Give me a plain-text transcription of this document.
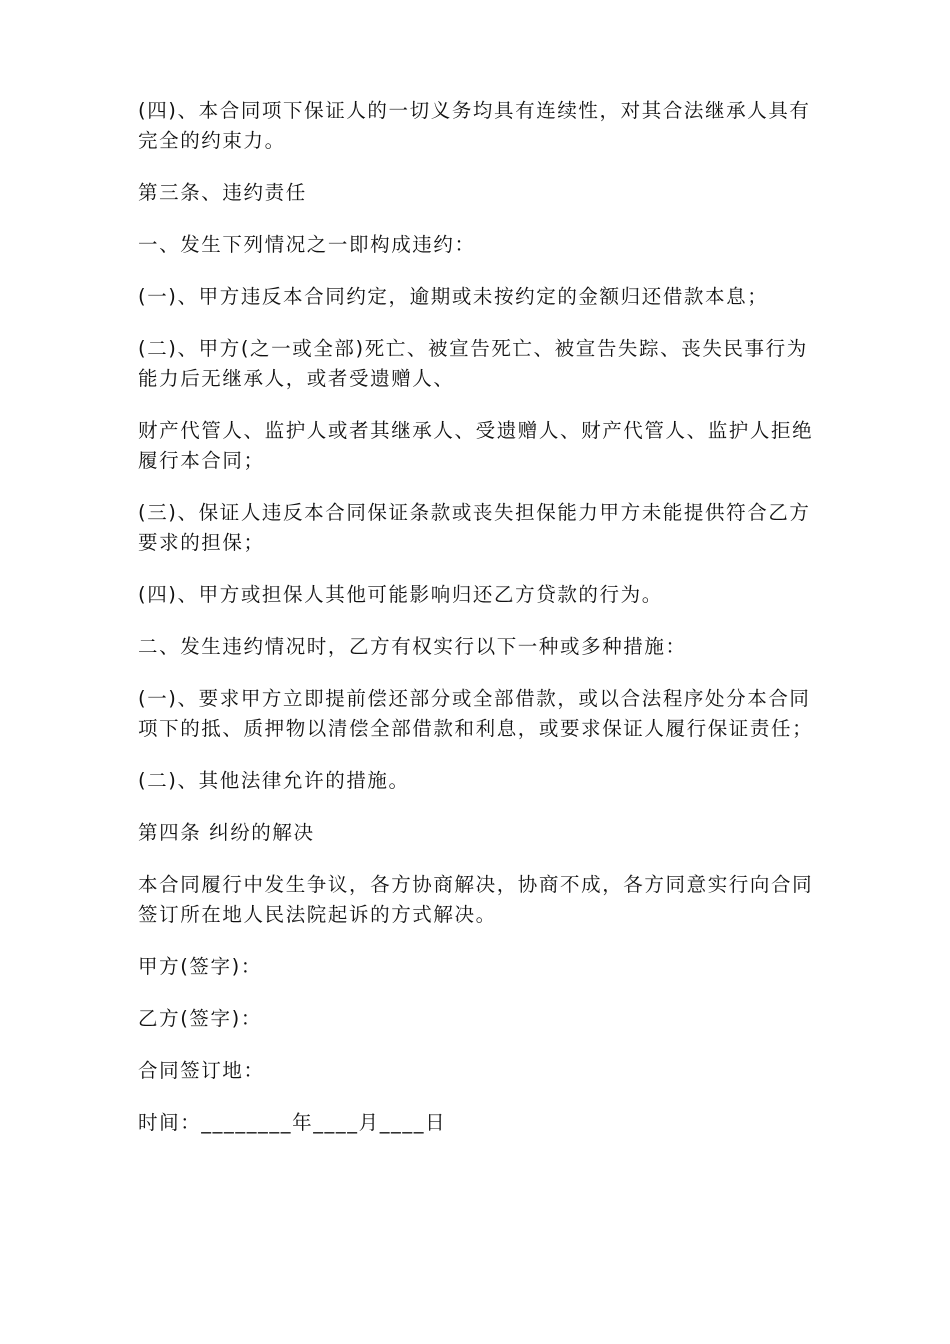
(四)、本合同项下保证人的一切义务均具有连续性，对其合法继承人具有完全的约束力。

第三条、违约责任

一、发生下列情况之一即构成违约：

(一)、甲方违反本合同约定，逾期或未按约定的金额归还借款本息；

(二)、甲方(之一或全部)死亡、被宣告死亡、被宣告失踪、丧失民事行为能力后无继承人，或者受遗赠人、

财产代管人、监护人或者其继承人、受遗赠人、财产代管人、监护人拒绝履行本合同；

(三)、保证人违反本合同保证条款或丧失担保能力甲方未能提供符合乙方要求的担保；

(四)、甲方或担保人其他可能影响归还乙方贷款的行为。

二、发生违约情况时，乙方有权实行以下一种或多种措施：

(一)、要求甲方立即提前偿还部分或全部借款，或以合法程序处分本合同项下的抵、质押物以清偿全部借款和利息，或要求保证人履行保证责任；

(二)、其他法律允许的措施。

第四条 纠纷的解决

本合同履行中发生争议，各方协商解决，协商不成，各方同意实行向合同签订所在地人民法院起诉的方式解决。

甲方(签字)：

乙方(签字)：

合同签订地：

时间：________年____月____日
